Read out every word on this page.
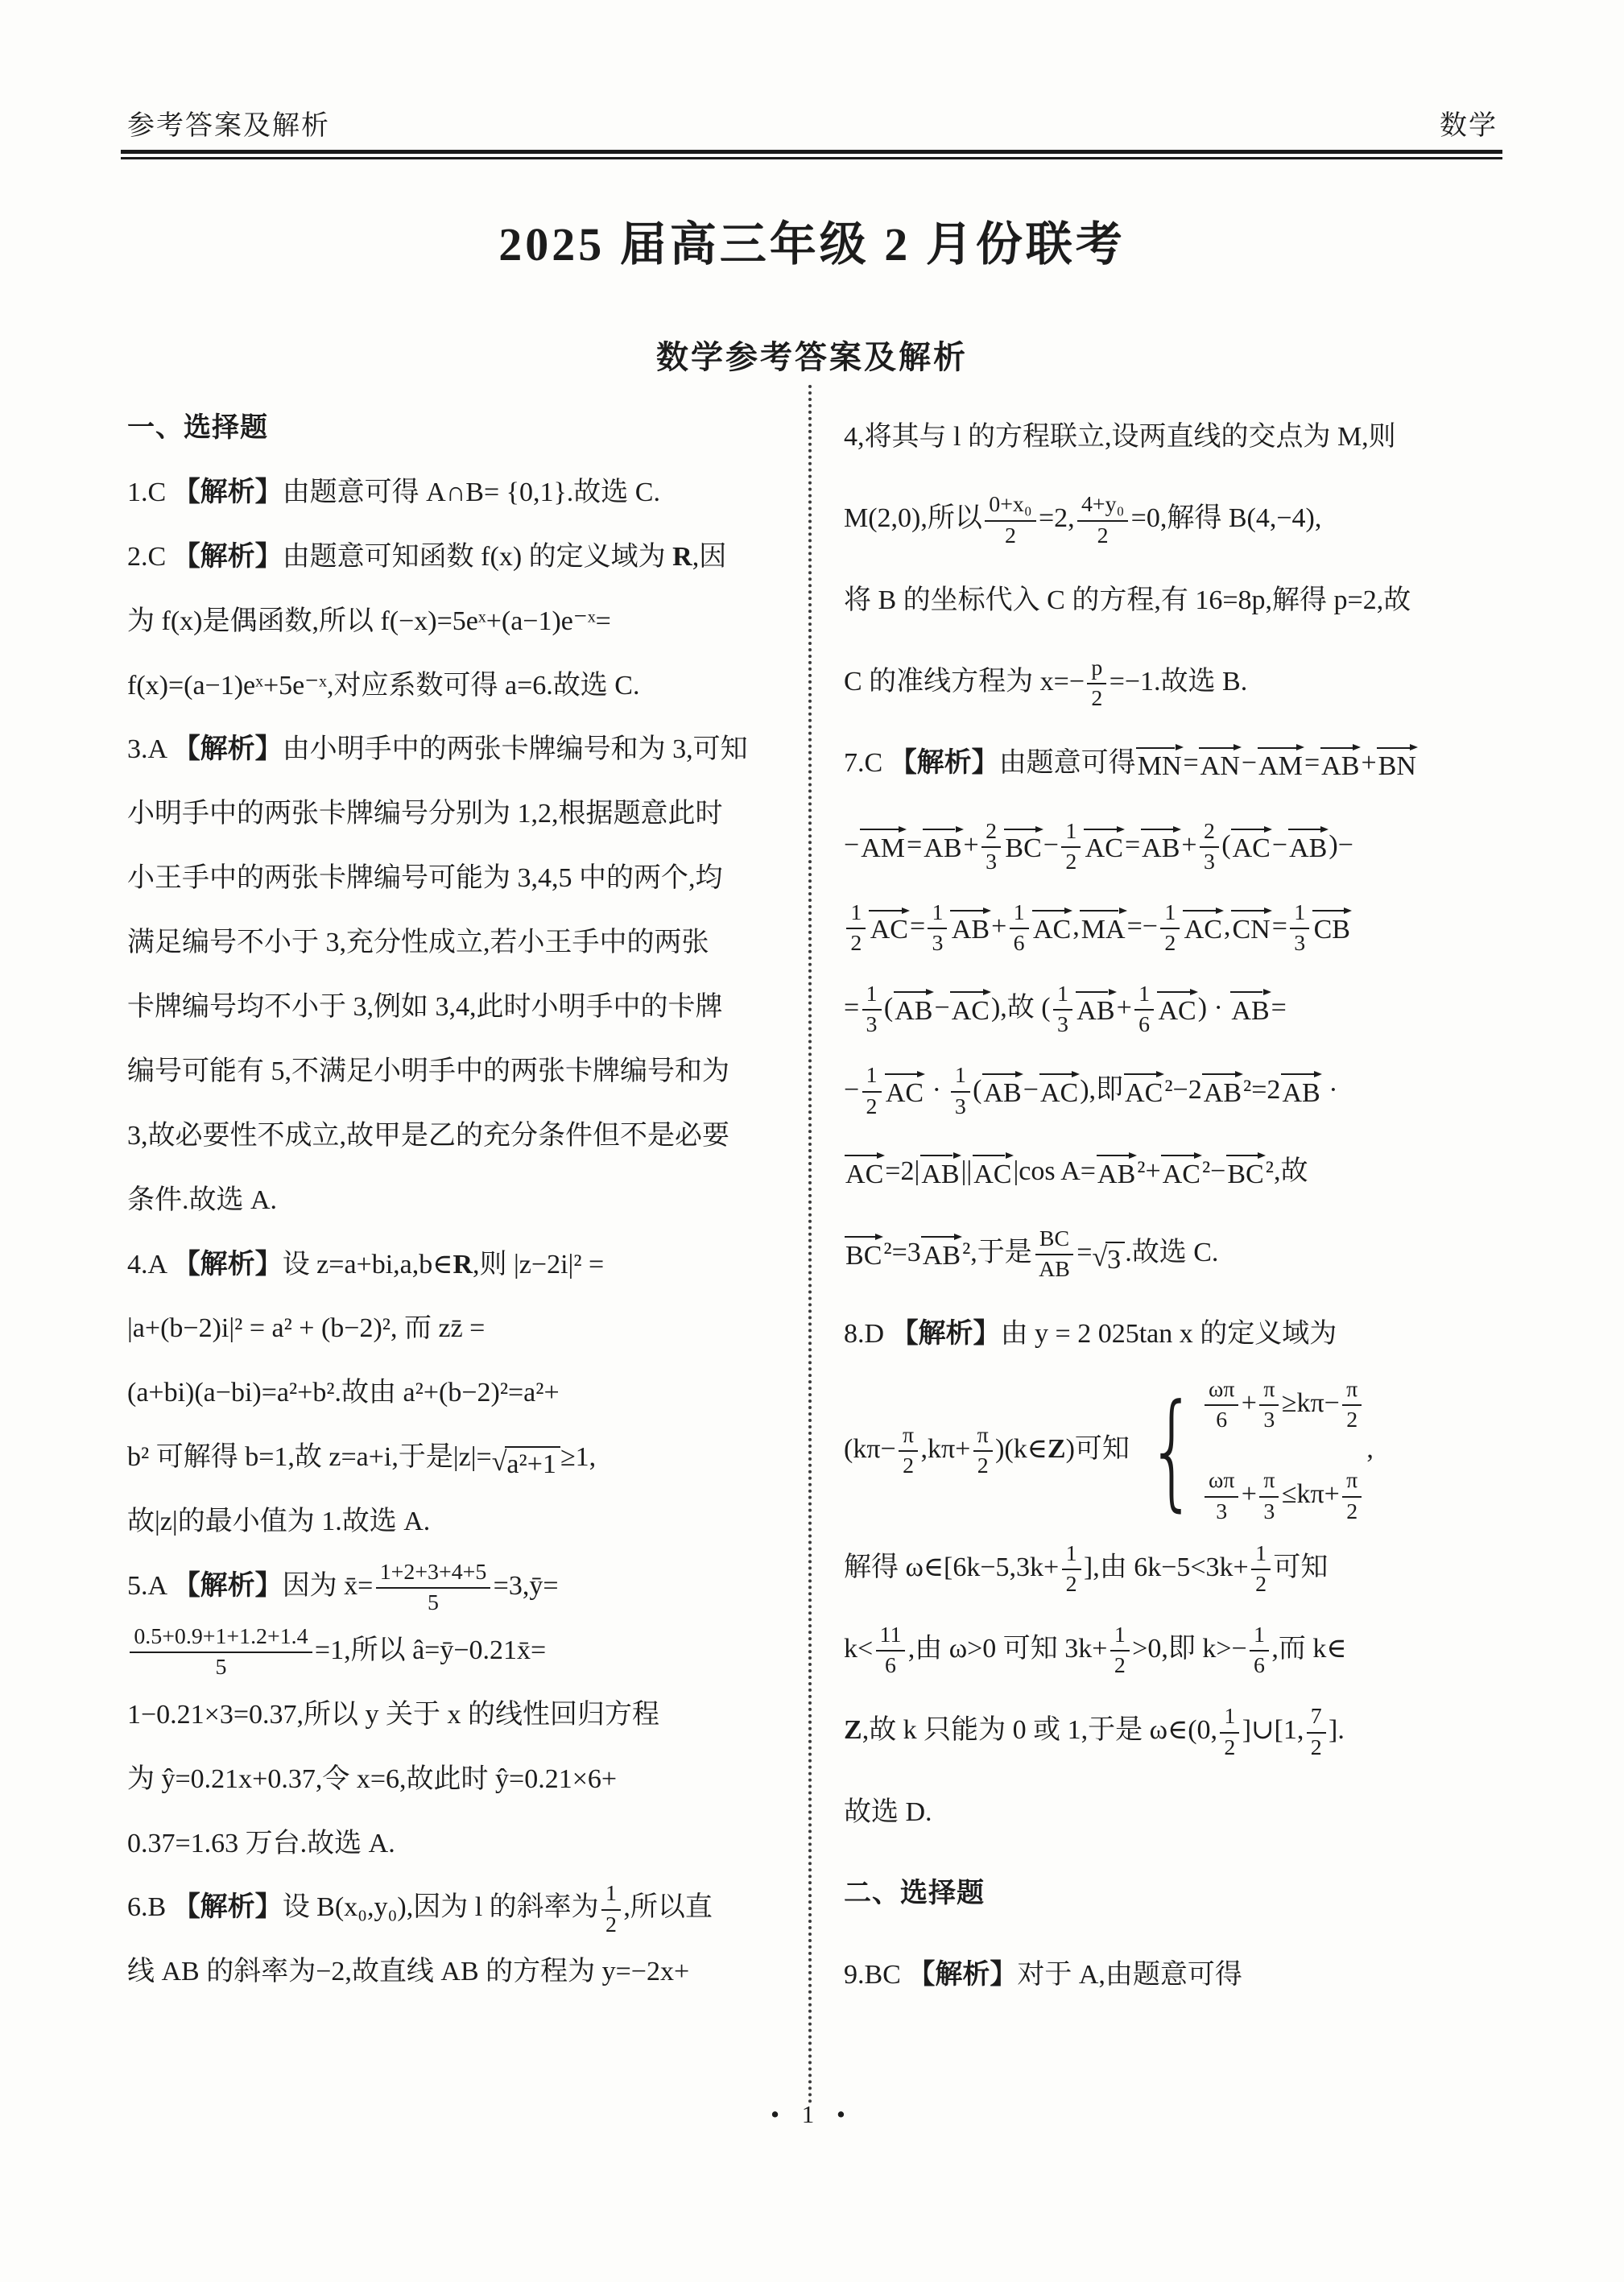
参考答案及解析	数学
2025 届高三年级 2 月份联考
数学参考答案及解析
一、选择题
1.C 【解析】由题意可得 A∩B= {0,1}.故选 C.
2.C 【解析】由题意可知函数 f(x) 的定义域为 R,因
为 f(x)是偶函数,所以 f(−x)=5eˣ+(a−1)e⁻ˣ=
f(x)=(a−1)eˣ+5e⁻ˣ,对应系数可得 a=6.故选 C.
3.A 【解析】由小明手中的两张卡牌编号和为 3,可知
小明手中的两张卡牌编号分别为 1,2,根据题意此时
小王手中的两张卡牌编号可能为 3,4,5 中的两个,均
满足编号不小于 3,充分性成立,若小王手中的两张
卡牌编号均不小于 3,例如 3,4,此时小明手中的卡牌
编号可能有 5,不满足小明手中的两张卡牌编号和为
3,故必要性不成立,故甲是乙的充分条件但不是必要
条件.故选 A.
4.A 【解析】设 z=a+bi,a,b∈R,则 |z−2i|² =
|a+(b−2)i|² = a² + (b−2)², 而 zz̄ =
(a+bi)(a−bi)=a²+b².故由 a²+(b−2)²=a²+
b² 可解得 b=1,故 z=a+i,于是|z|= √ a²+1 ≥1,
故|z|的最小值为 1.故选 A.
5.A 【解析】因为 x̄= $\frac{1+2+3+4+5}{5}$ =3,ȳ=
$\frac{0.5+0.9+1+1.2+1.4}{5} =1$,所以 â=ȳ−0.21x̄=
1−0.21×3=0.37,所以 y 关于 x 的线性回归方程
为 ŷ=0.21x+0.37,令 x=6,故此时 ŷ=0.21×6+
0.37=1.63 万台.故选 A.
6.B 【解析】设 B(x₀,y₀),因为 l 的斜率为 $\frac{1}{2}$ ,所以直
线 AB 的斜率为−2,故直线 AB 的方程为 y=−2x+
4,将其与 l 的方程联立,设两直线的交点为 M,则
M(2,0),所以 $\frac{\text{0+x₀}}{2} =2$, $\frac{\text{4+y₀}}{2} =0$,解得 B(4,−4),
将 B 的坐标代入 C 的方程,有 16=8p,解得 p=2,故
C 的准线方程为 $x=- \frac{p}{2} =-1$.故选 B.
7.C 【解析】由题意可得MN=AN−AM=AB+BN
$-AM=AB+ \frac{2}{3} BC- \frac{1}{2} AC=AB+ \frac{2}{3} (AC-AB)-$
$\frac{1}{2} AC= \frac{1}{3} AB+ \frac{1}{6} AC,MA=- \frac{1}{2} AC,CN= \frac{1}{3}$ CB
= $\frac{1}{3} (AB-AC)$,故 ( $\frac{1}{3} AB+ \frac{1}{6} AC) \cdot AB=$
− $\frac{1}{2}$ AC · $\frac{1}{3} (AB-AC)$,即AC²−2AB²=2AB ·
AC=2|AB||AC|cos A=AB²+AC²−BC²,故
BC²=3AB²,于是 $\frac{BC}{AB}$ = √ 3 .故选 C.
8.D 【解析】由 y = 2 025tan x 的定义域为
($k\pi- \frac{\pi}{2} ,k\pi+ \frac{\pi}{2}$ )(k∈Z)可知 { $\frac{\omega\pi}{6} + \frac{\pi}{3} \ge k\pi- \frac{\pi}{2}$
$\frac{\omega\pi}{3} + \frac{\pi}{3} \le k\pi+ \frac{\pi}{2}$
,
解得 ω∈[6k−5,3k+ $\frac{1}{2}$ ],由 $6k-5<3k+ \frac{1}{2}$ 可知
$k< \frac{11}{6}$ ,由 ω>0 可知 $3k+ \frac{1}{2} >0$,即 $k>- \frac{1}{6}$ ,而 k∈
Z,故 k 只能为 0 或 1,于是 ω∈(0, $\frac{1}{2}$ ]∪[1, $\frac{7}{2}$ ].
故选 D.
二、选择题
9.BC 【解析】对于 A,由题意可得
• 1 •
